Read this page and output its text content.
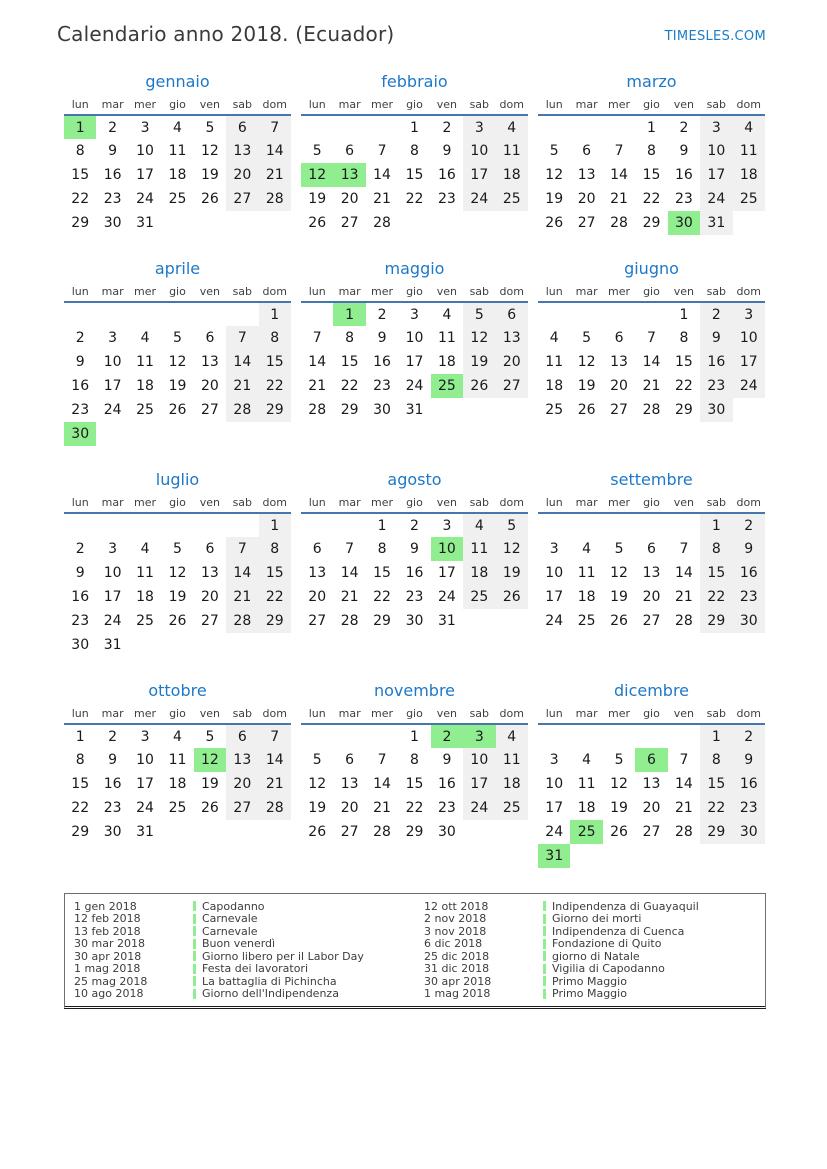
Calendario anno 2018. (Ecuador)	TIMESLES.COM
gennaio
lun	mar	mer	gio	ven	sab	dom
1	2	3	4	5	6	7
8	9	10	11	12	13	14
15	16	17	18	19	20	21
22	23	24	25	26	27	28
29	30	31				
febbraio
lun	mar	mer	gio	ven	sab	dom
			1	2	3	4
5	6	7	8	9	10	11
12	13	14	15	16	17	18
19	20	21	22	23	24	25
26	27	28				
marzo
lun	mar	mer	gio	ven	sab	dom
			1	2	3	4
5	6	7	8	9	10	11
12	13	14	15	16	17	18
19	20	21	22	23	24	25
26	27	28	29	30	31	
aprile
lun	mar	mer	gio	ven	sab	dom
						1
2	3	4	5	6	7	8
9	10	11	12	13	14	15
16	17	18	19	20	21	22
23	24	25	26	27	28	29
30						
maggio
lun	mar	mer	gio	ven	sab	dom
	1	2	3	4	5	6
7	8	9	10	11	12	13
14	15	16	17	18	19	20
21	22	23	24	25	26	27
28	29	30	31			
giugno
lun	mar	mer	gio	ven	sab	dom
				1	2	3
4	5	6	7	8	9	10
11	12	13	14	15	16	17
18	19	20	21	22	23	24
25	26	27	28	29	30	
luglio
lun	mar	mer	gio	ven	sab	dom
						1
2	3	4	5	6	7	8
9	10	11	12	13	14	15
16	17	18	19	20	21	22
23	24	25	26	27	28	29
30	31					
agosto
lun	mar	mer	gio	ven	sab	dom
		1	2	3	4	5
6	7	8	9	10	11	12
13	14	15	16	17	18	19
20	21	22	23	24	25	26
27	28	29	30	31		
settembre
lun	mar	mer	gio	ven	sab	dom
					1	2
3	4	5	6	7	8	9
10	11	12	13	14	15	16
17	18	19	20	21	22	23
24	25	26	27	28	29	30
ottobre
lun	mar	mer	gio	ven	sab	dom
1	2	3	4	5	6	7
8	9	10	11	12	13	14
15	16	17	18	19	20	21
22	23	24	25	26	27	28
29	30	31				
novembre
lun	mar	mer	gio	ven	sab	dom
			1	2	3	4
5	6	7	8	9	10	11
12	13	14	15	16	17	18
19	20	21	22	23	24	25
26	27	28	29	30		
dicembre
lun	mar	mer	gio	ven	sab	dom
					1	2
3	4	5	6	7	8	9
10	11	12	13	14	15	16
17	18	19	20	21	22	23
24	25	26	27	28	29	30
31						
1 gen 2018	Capodanno
12 feb 2018	Carnevale
13 feb 2018	Carnevale
30 mar 2018	Buon venerdì
30 apr 2018	Giorno libero per il Labor Day
1 mag 2018	Festa dei lavoratori
25 mag 2018	La battaglia di Pichincha
10 ago 2018	Giorno dell'Indipendenza
12 ott 2018	Indipendenza di Guayaquil
2 nov 2018	Giorno dei morti
3 nov 2018	Indipendenza di Cuenca
6 dic 2018	Fondazione di Quito
25 dic 2018	giorno di Natale
31 dic 2018	Vigilia di Capodanno
30 apr 2018	Primo Maggio
1 mag 2018	Primo Maggio
